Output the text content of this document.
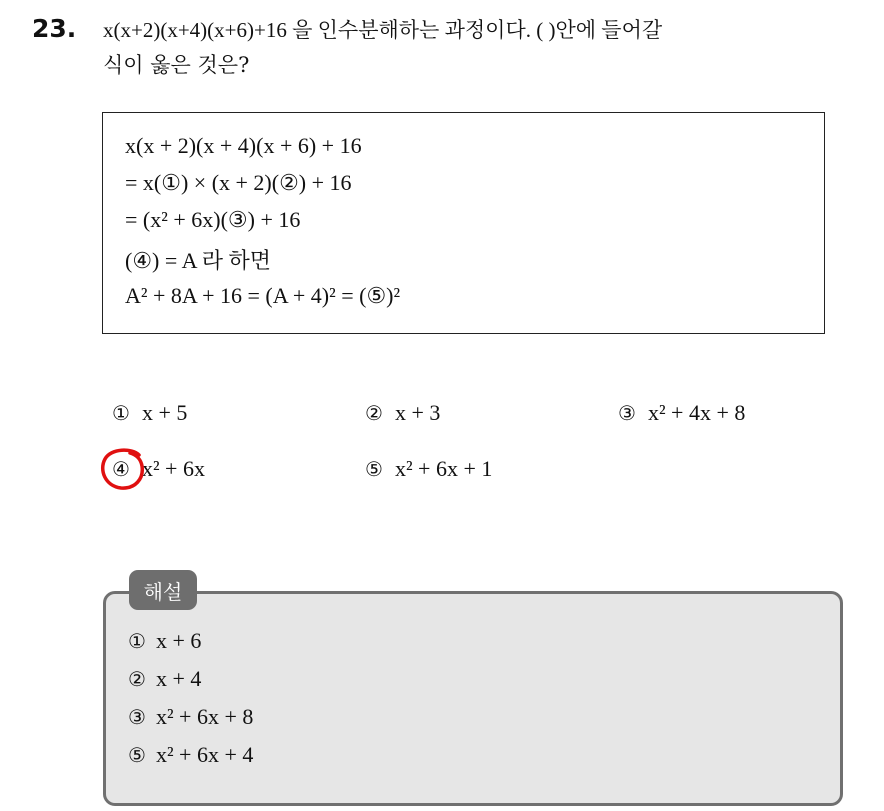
23. x(x+2)(x+4)(x+6)+16 을 인수분해하는 과정이다. ( )안에 들어갈
식이 옳은 것은?
x(x + 2)(x + 4)(x + 6) + 16
= x(①) × (x + 2)(②) + 16
= (x² + 6x)(③) + 16
(④) = A 라 하면
A² + 8A + 16 = (A + 4)² = (⑤)²
① x + 5	② x + 3	③ x² + 4x + 8
④ x² + 6x	⑤ x² + 6x + 1
① x + 6
② x + 4
③ x² + 6x + 8
⑤ x² + 6x + 4
해설
